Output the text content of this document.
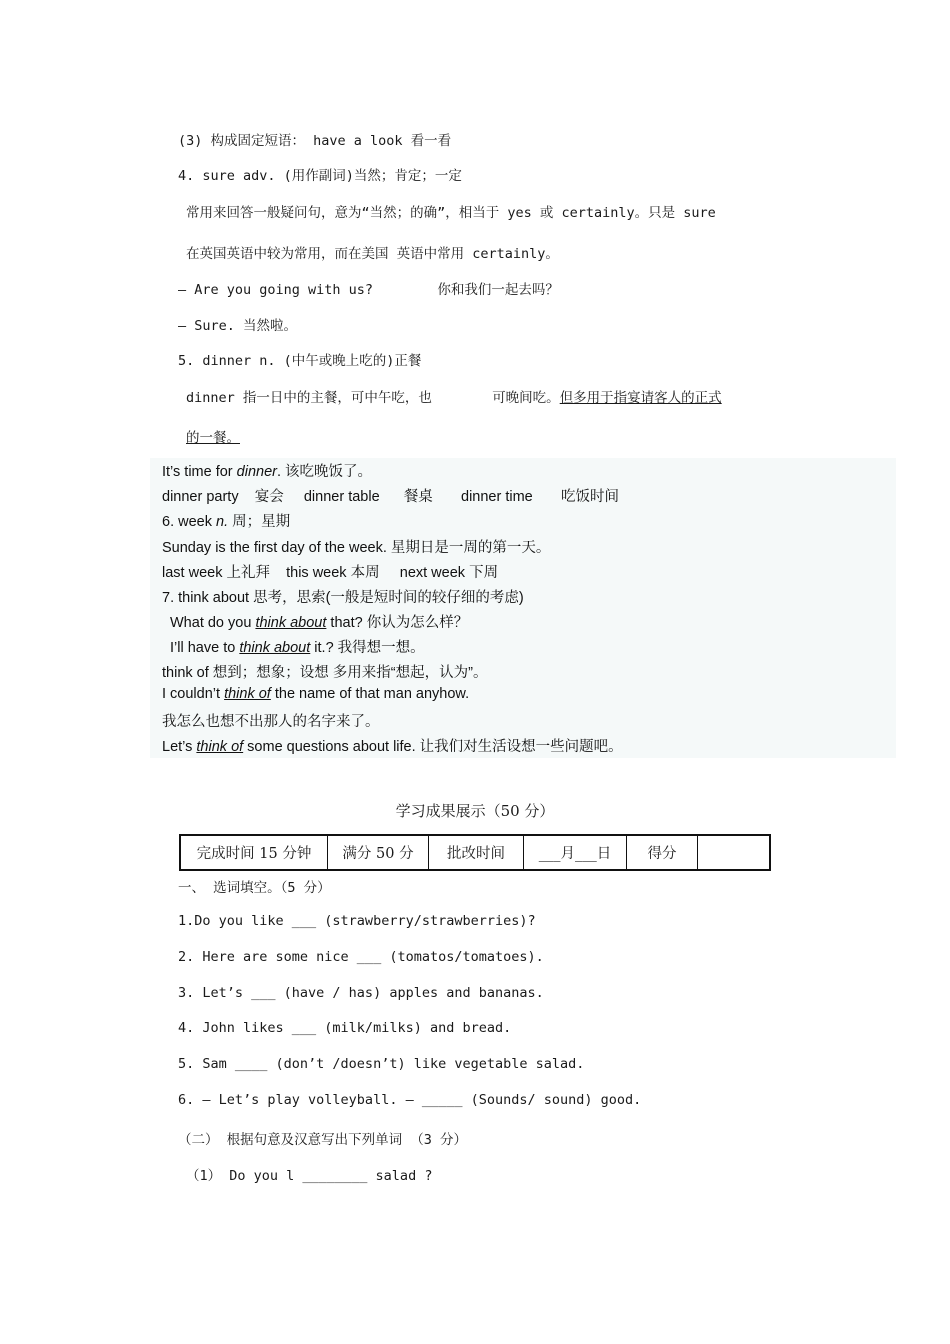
(3) 构成固定短语： have a look 看一看
4. sure adv. (用作副词)当然；肯定；一定
常用来回答一般疑问句，意为“当然；的确”，相当于 yes 或 certainly。只是 sure
在英国英语中较为常用，而在美国 英语中常用 certainly。
— Are you going with us?	你和我们一起去吗？
— Sure. 当然啦。
5. dinner n. (中午或晚上吃的)正餐
dinner 指一日中的主餐，可中午吃，也	可晚间吃。但多用于指宴请客人的正式
的一餐。
It’s time for dinner. 该吃晚饭了。
dinner party 宴会 dinner table 餐桌 dinner time 吃饭时间
6. week n. 周；星期
Sunday is the first day of the week. 星期日是一周的第一天。
last week 上礼拜 this week 本周 next week 下周
7. think about 思考，思索(一般是短时间的较仔细的考虑)
What do you think about that? 你认为怎么样？
I’ll have to think about it.? 我得想一想。
think of 想到；想象；设想 多用来指“想起，认为”。
I couldn’t think of the name of that man anyhow.
我怎么也想不出那人的名字来了。
Let’s think of some questions about life. 让我们对生活设想一些问题吧。
学习成果展示（50 分）
完成时间 15 分钟	满分 50 分	批改时间	___月___日	得分	
一、 选词填空。（5 分）
1.Do you like ___ (strawberry/strawberries)?
2. Here are some nice ___ (tomatos/tomatoes).
3. Let’s ___ (have / has) apples and bananas.
4. John likes ___ (milk/milks) and bread.
5. Sam ____ (don’t /doesn’t) like vegetable salad.
6. — Let’s play volleyball. — _____ (Sounds/ sound) good.
（二） 根据句意及汉意写出下列单词 （3 分）
（1） Do you l ________ salad ?
